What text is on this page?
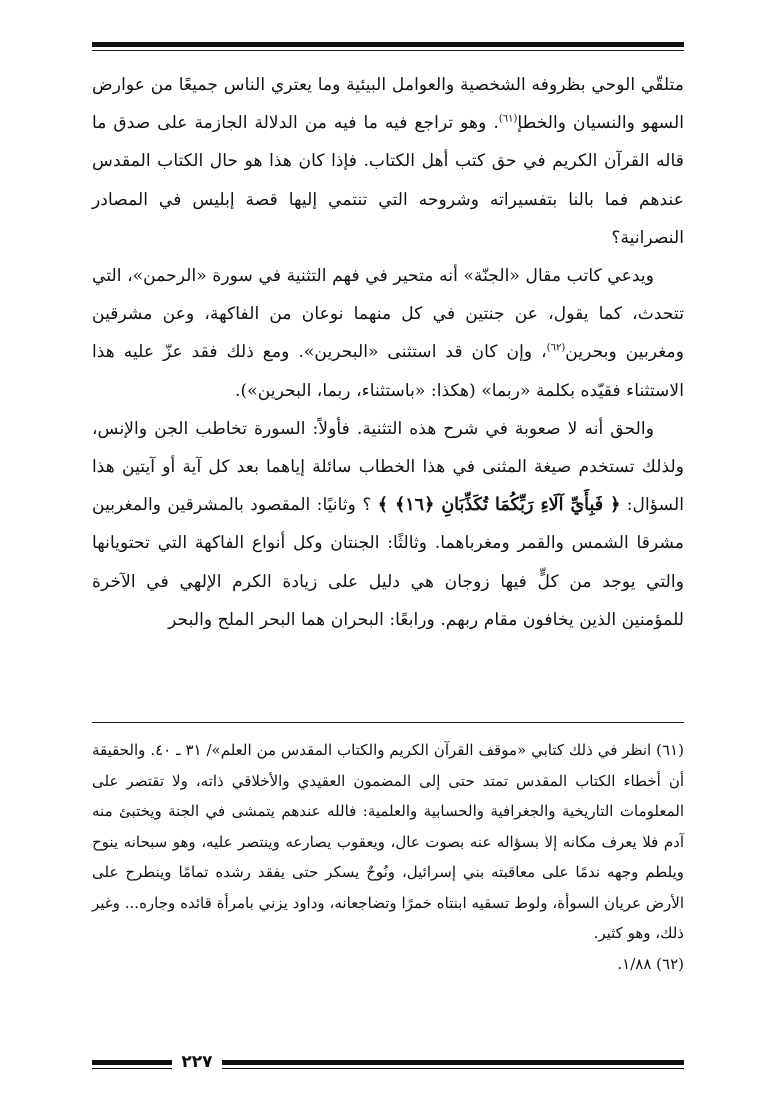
متلقّي الوحي بظروفه الشخصية والعوامل البيئية وما يعتري الناس جميعًا من عوارض السهو والنسيان والخطإ$^{(٦١)}$. وهو تراجع فيه ما فيه من الدلالة الجازمة على صدق ما قاله القرآن الكريم في حق كتب أهل الكتاب. فإذا كان هذا هو حال الكتاب المقدس عندهم فما بالنا بتفسيراته وشروحه التي تنتمي إليها قصة إبليس في المصادر النصرانية؟

ويدعي كاتب مقال «الجنّة» أنه متحير في فهم التثنية في سورة «الرحمن»، التي تتحدث، كما يقول، عن جنتين في كل منهما نوعان من الفاكهة، وعن مشرقين ومغربين وبحرين$^{(٦٢)}$، وإن كان قد استثنى «البحرين». ومع ذلك فقد عزّ عليه هذا الاستثناء فقيّده بكلمة «ربما» (هكذا: «باستثناء، ربما، البحرين»).

والحق أنه لا صعوبة في شرح هذه التثنية. فأولاً: السورة تخاطب الجن والإنس، ولذلك تستخدم صيغة المثنى في هذا الخطاب سائلة إياهما بعد كل آية أو آيتين هذا السؤال: ﴿ فَبِأَيِّ آلَاءِ رَبِّكُمَا تُكَذِّبَانِ ﴿١٦﴾ ﴾ ؟ وثانيًا: المقصود بالمشرقين والمغربين مشرقا الشمس والقمر ومغرباهما. وثالثًا: الجنتان وكل أنواع الفاكهة التي تحتويانها والتي يوجد من كلٍّ فيها زوجان هي دليل على زيادة الكرم الإلهي في الآخرة للمؤمنين الذين يخافون مقام ربهم. ورابعًا: البحران هما البحر الملح والبحر

(٦١) انظر في ذلك كتابي «موقف القرآن الكريم والكتاب المقدس من العلم»/ ٣١ ـ ٤٠. والحقيقة أن أخطاء الكتاب المقدس تمتد حتى إلى المضمون العقيدي والأخلاقي ذاته، ولا تقتصر على المعلومات التاريخية والجغرافية والحسابية والعلمية: فالله عندهم يتمشى في الجنة ويختبئ منه آدم فلا يعرف مكانه إلا بسؤاله عنه بصوت عال، ويعقوب يصارعه وينتصر عليه، وهو سبحانه ينوح ويلطم وجهه ندمًا على معاقبته بني إسرائيل، ونُوحٌ يسكر حتى يفقد رشده تمامًا وينطرح على الأرض عريان السوأة، ولوط تسقيه ابنتاه خمرًا وتضاجعانه، وداود يزني بامرأة قائده وجاره... وغير ذلك، وهو كثير.

(٦٢) ١/٨٨.

٢٢٧
